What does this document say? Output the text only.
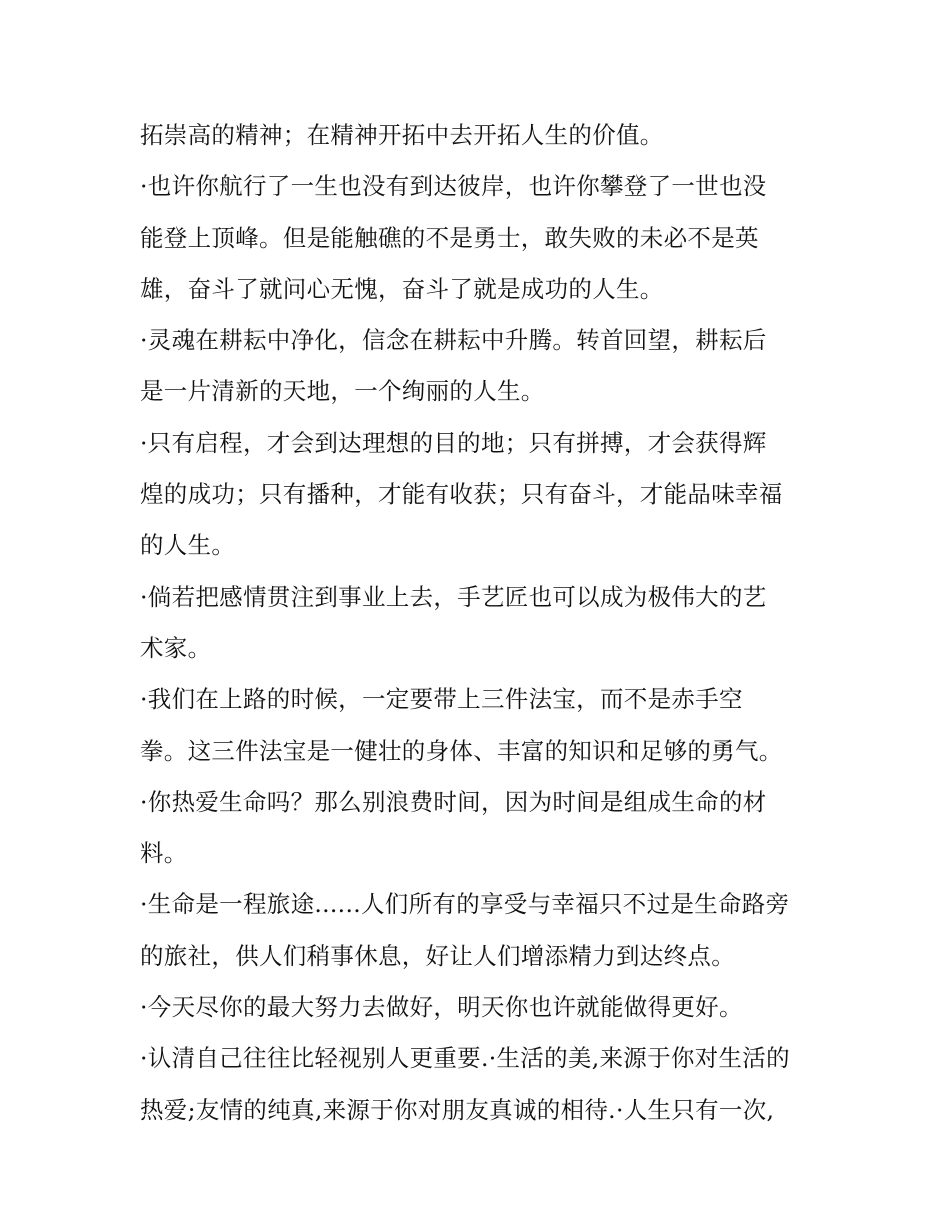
拓崇高的精神；在精神开拓中去开拓人生的价值。
·也许你航行了一生也没有到达彼岸，也许你攀登了一世也没
能登上顶峰。但是能触礁的不是勇士，敢失败的未必不是英
雄，奋斗了就问心无愧，奋斗了就是成功的人生。
·灵魂在耕耘中净化，信念在耕耘中升腾。转首回望，耕耘后
是一片清新的天地，一个绚丽的人生。
·只有启程，才会到达理想的目的地；只有拼搏，才会获得辉
煌的成功；只有播种，才能有收获；只有奋斗，才能品味幸福
的人生。
·倘若把感情贯注到事业上去，手艺匠也可以成为极伟大的艺
术家。
·我们在上路的时候，一定要带上三件法宝，而不是赤手空
拳。这三件法宝是一健壮的身体、丰富的知识和足够的勇气。
·你热爱生命吗？那么别浪费时间，因为时间是组成生命的材
料。
·生命是一程旅途......人们所有的享受与幸福只不过是生命路旁
的旅社，供人们稍事休息，好让人们增添精力到达终点。
·今天尽你的最大努力去做好，明天你也许就能做得更好。
·认清自己往往比轻视别人更重要.·生活的美,来源于你对生活的
热爱;友情的纯真,来源于你对朋友真诚的相待.·人生只有一次,
